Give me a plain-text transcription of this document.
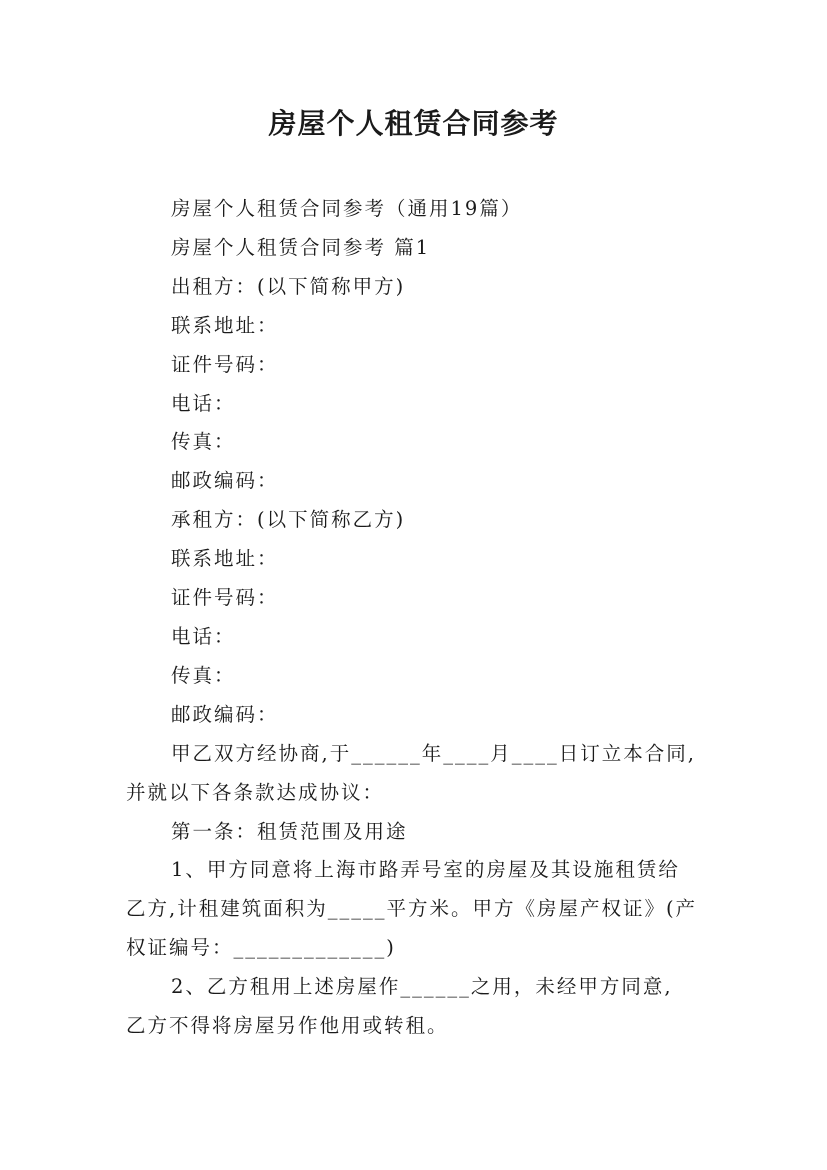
房屋个人租赁合同参考

房屋个人租赁合同参考（通用19篇）

房屋个人租赁合同参考 篇1

出租方：(以下简称甲方)

联系地址：

证件号码：

电话：

传真：

邮政编码：

承租方：(以下简称乙方)

联系地址：

证件号码：

电话：

传真：

邮政编码：

甲乙双方经协商,于______年____月____日订立本合同,

并就以下各条款达成协议：

第一条：租赁范围及用途

1、甲方同意将上海市路弄号室的房屋及其设施租赁给

乙方,计租建筑面积为_____平方米。甲方《房屋产权证》(产

权证编号：_____________)

2、乙方租用上述房屋作______之用，未经甲方同意,

乙方不得将房屋另作他用或转租。
